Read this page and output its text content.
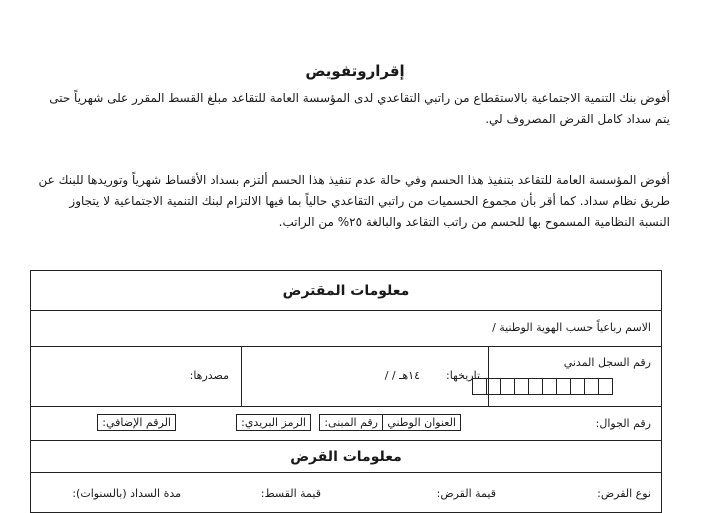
إقراروتفويض

أفوض بنك التنمية الاجتماعية بالاستقطاع من راتبي التقاعدي لدى المؤسسة العامة للتقاعد مبلغ القسط المقرر على شهرياً حتى يتم سداد كامل القرض المصروف لي.

أفوض المؤسسة العامة للتقاعد بتنفيذ هذا الحسم وفي حالة عدم تنفيذ هذا الحسم ألتزم بسداد الأقساط شهرياً وتوريدها للبنك عن طريق نظام سداد. كما أقر بأن مجموع الحسميات من راتبي التقاعدي حالياً بما فيها الالتزام لبنك التنمية الاجتماعية لا يتجاوز النسبة النظامية المسموح بها للحسم من راتب التقاعد والبالغة ٢٥% من الراتب.

معلومات المقترض
الاسم رباعياً حسب الهوية الوطنية /
مصدرها:	تاريخها:
/ / ١٤هـ
رقم السجل المدني
رقم الجوال:
العنوان الوطني
رقم المبنى:
الرمز البريدي:
الرقم الإضافي:
معلومات القرض
نوع القرض:
قيمة القرض:
قيمة القسط:
مدة السداد (بالسنوات):
